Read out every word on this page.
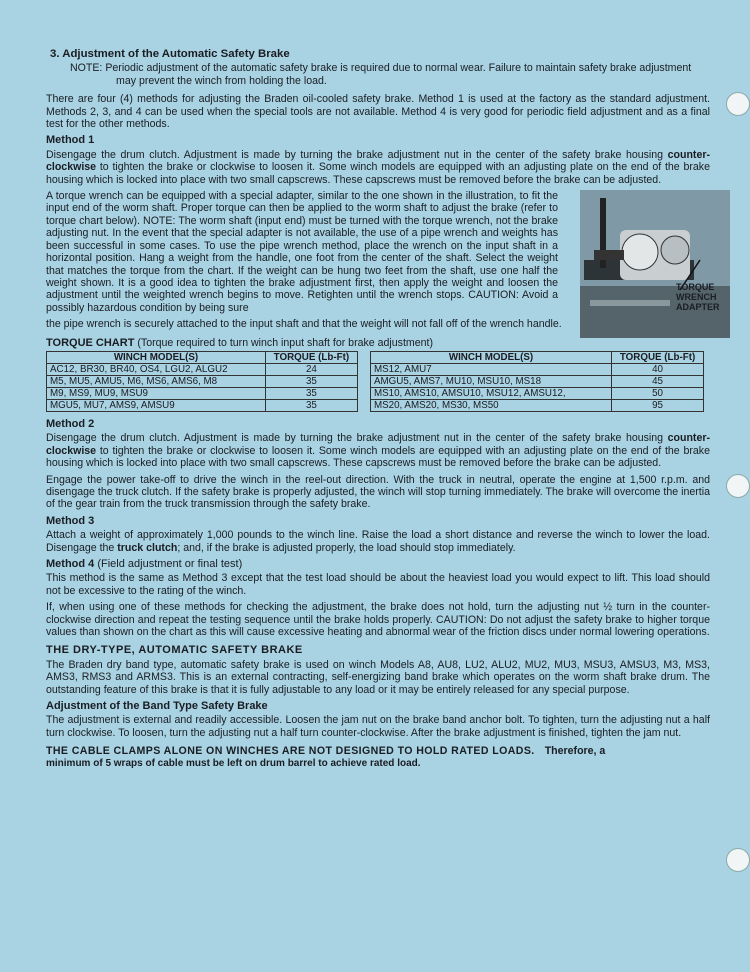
3. Adjustment of the Automatic Safety Brake
NOTE: Periodic adjustment of the automatic safety brake is required due to normal wear. Failure to maintain safety brake adjustment may prevent the winch from holding the load.

There are four (4) methods for adjusting the Braden oil-cooled safety brake. Method 1 is used at the factory as the standard adjustment. Methods 2, 3, and 4 can be used when the special tools are not available. Method 4 is very good for periodic field adjustment and as a final test for the other methods.

Method 1

Disengage the drum clutch. Adjustment is made by turning the brake adjustment nut in the center of the safety brake housing counter-clockwise to tighten the brake or clockwise to loosen it. Some winch models are equipped with an adjusting plate on the end of the brake housing which is locked into place with two small capscrews. These capscrews must be removed before the brake can be adjusted.

TORQUE WRENCH ADAPTER

A torque wrench can be equipped with a special adapter, similar to the one shown in the illustration, to fit the input end of the worm shaft. Proper torque can then be applied to the worm shaft to adjust the brake (refer to torque chart below). NOTE: The worm shaft (input end) must be turned with the torque wrench, not the brake adjusting nut. In the event that the special adapter is not available, the use of a pipe wrench and weights has been successful in some cases. To use the pipe wrench method, place the wrench on the input shaft in a horizontal position. Hang a weight from the handle, one foot from the center of the shaft. Select the weight that matches the torque from the chart. If the weight can be hung two feet from the shaft, use one half the weight shown. It is a good idea to tighten the brake adjustment first, then apply the weight and loosen the adjustment until the weighted wrench begins to move. Retighten until the wrench stops. CAUTION: Avoid a possibly hazardous condition by being sure

the pipe wrench is securely attached to the input shaft and that the weight will not fall off of the wrench handle.

TORQUE CHART (Torque required to turn winch input shaft for brake adjustment)
WINCH MODEL(S)	TORQUE (Lb-Ft)		WINCH MODEL(S)	TORQUE (Lb-Ft)
AC12, BR30, BR40, OS4, LGU2, ALGU2	24		MS12, AMU7	40
M5, MU5, AMU5, M6, MS6, AMS6, M8	35		AMGU5, AMS7, MU10, MSU10, MS18	45
M9, MS9, MU9, MSU9	35		MS10, AMS10, AMSU10, MSU12, AMSU12,	50
MGU5, MU7, AMS9, AMSU9	35		MS20, AMS20, MS30, MS50	95
Method 2

Disengage the drum clutch. Adjustment is made by turning the brake adjustment nut in the center of the safety brake housing counter-clockwise to tighten the brake or clockwise to loosen it. Some winch models are equipped with an adjusting plate on the end of the brake housing which is locked into place with two small capscrews. These capscrews must be removed before the brake can be adjusted.

Engage the power take-off to drive the winch in the reel-out direction. With the truck in neutral, operate the engine at 1,500 r.p.m. and disengage the truck clutch. If the safety brake is properly adjusted, the winch will stop turning immediately. The brake will overcome the inertia of the gear train from the truck transmission through the safety brake.

Method 3

Attach a weight of approximately 1,000 pounds to the winch line. Raise the load a short distance and reverse the winch to lower the load. Disengage the truck clutch; and, if the brake is adjusted properly, the load should stop immediately.

Method 4 (Field adjustment or final test)

This method is the same as Method 3 except that the test load should be about the heaviest load you would expect to lift. This load should not be excessive to the rating of the winch.

If, when using one of these methods for checking the adjustment, the brake does not hold, turn the adjusting nut ½ turn in the counter-clockwise direction and repeat the testing sequence until the brake holds properly. CAUTION: Do not adjust the safety brake to higher torque values than shown on the chart as this will cause excessive heating and abnormal wear of the friction discs under normal lowering operations.

THE DRY-TYPE, AUTOMATIC SAFETY BRAKE

The Braden dry band type, automatic safety brake is used on winch Models A8, AU8, LU2, ALU2, MU2, MU3, MSU3, AMSU3, M3, MS3, AMS3, RMS3 and ARMS3. This is an external contracting, self-energizing band brake which operates on the worm shaft brake drum. The outstanding feature of this brake is that it is fully adjustable to any load or it may be entirely released for any special purpose.

Adjustment of the Band Type Safety Brake

The adjustment is external and readily accessible. Loosen the jam nut on the brake band anchor bolt. To tighten, turn the adjusting nut a half turn clockwise. To loosen, turn the adjusting nut a half turn counter-clockwise. After the brake adjustment is finished, tighten the jam nut.

THE CABLE CLAMPS ALONE ON WINCHES ARE NOT DESIGNED TO HOLD RATED LOADS. Therefore, a
minimum of 5 wraps of cable must be left on drum barrel to achieve rated load.
